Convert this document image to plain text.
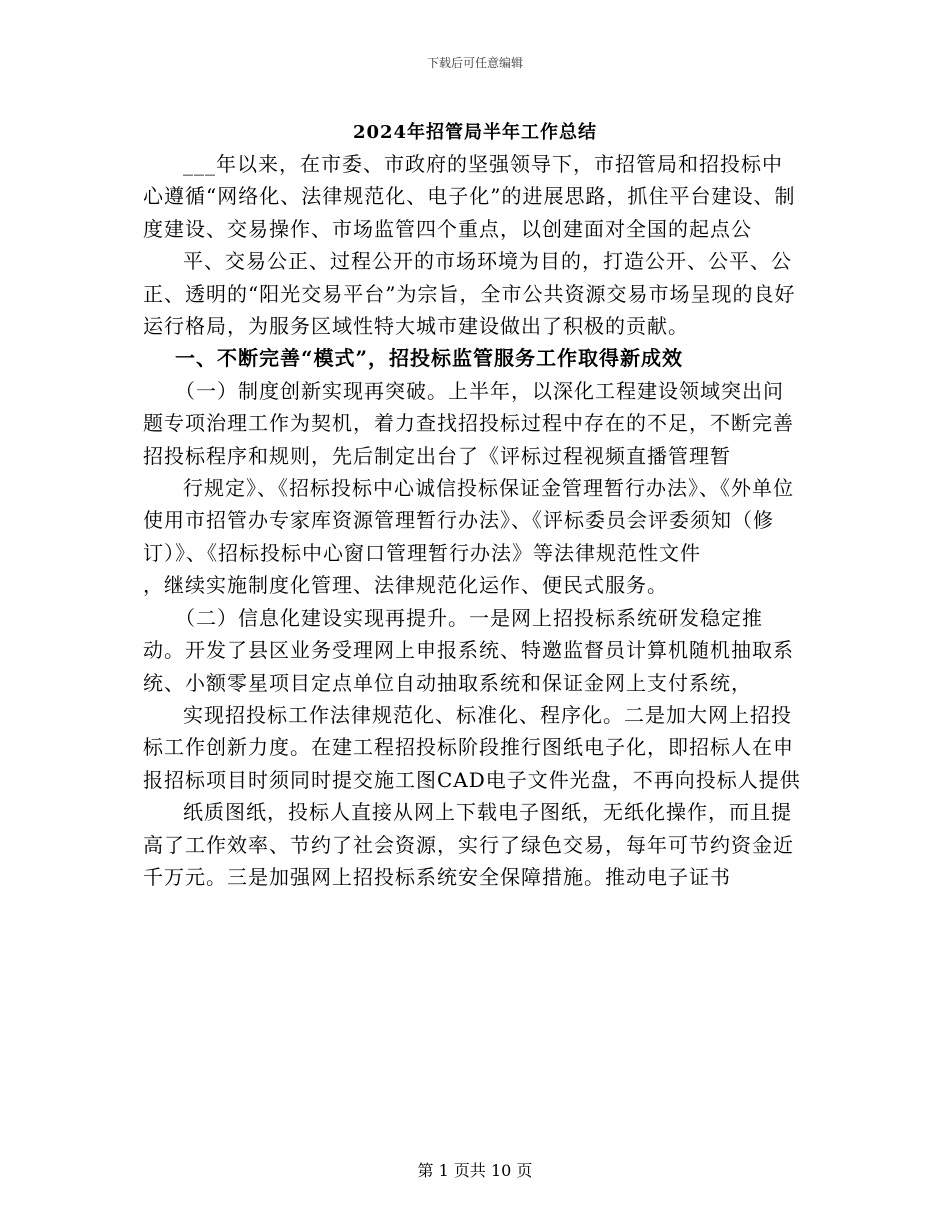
下载后可任意编辑
2024年招管局半年工作总结

___年以来，在市委、市政府的坚强领导下，市招管局和招投标中心遵循“网络化、法律规范化、电子化”的进展思路，抓住平台建设、制度建设、交易操作、市场监管四个重点，以创建面对全国的起点公

平、交易公正、过程公开的市场环境为目的，打造公开、公平、公正、透明的“阳光交易平台”为宗旨，全市公共资源交易市场呈现的良好运行格局，为服务区域性特大城市建设做出了积极的贡献。

一、不断完善“模式”，招投标监管服务工作取得新成效

（一）制度创新实现再突破。上半年，以深化工程建设领域突出问题专项治理工作为契机，着力查找招投标过程中存在的不足，不断完善招投标程序和规则，先后制定出台了《评标过程视频直播管理暂

行规定》、《招标投标中心诚信投标保证金管理暂行办法》、《外单位使用市招管办专家库资源管理暂行办法》、《评标委员会评委须知（修订）》、《招标投标中心窗口管理暂行办法》等法律规范性文件

，继续实施制度化管理、法律规范化运作、便民式服务。

（二）信息化建设实现再提升。一是网上招投标系统研发稳定推动。开发了县区业务受理网上申报系统、特邀监督员计算机随机抽取系统、小额零星项目定点单位自动抽取系统和保证金网上支付系统，

实现招投标工作法律规范化、标准化、程序化。二是加大网上招投标工作创新力度。在建工程招投标阶段推行图纸电子化，即招标人在申报招标项目时须同时提交施工图CAD电子文件光盘，不再向投标人提供

纸质图纸，投标人直接从网上下载电子图纸，无纸化操作，而且提高了工作效率、节约了社会资源，实行了绿色交易，每年可节约资金近千万元。三是加强网上招投标系统安全保障措施。推动电子证书

第 1 页共 10 页
